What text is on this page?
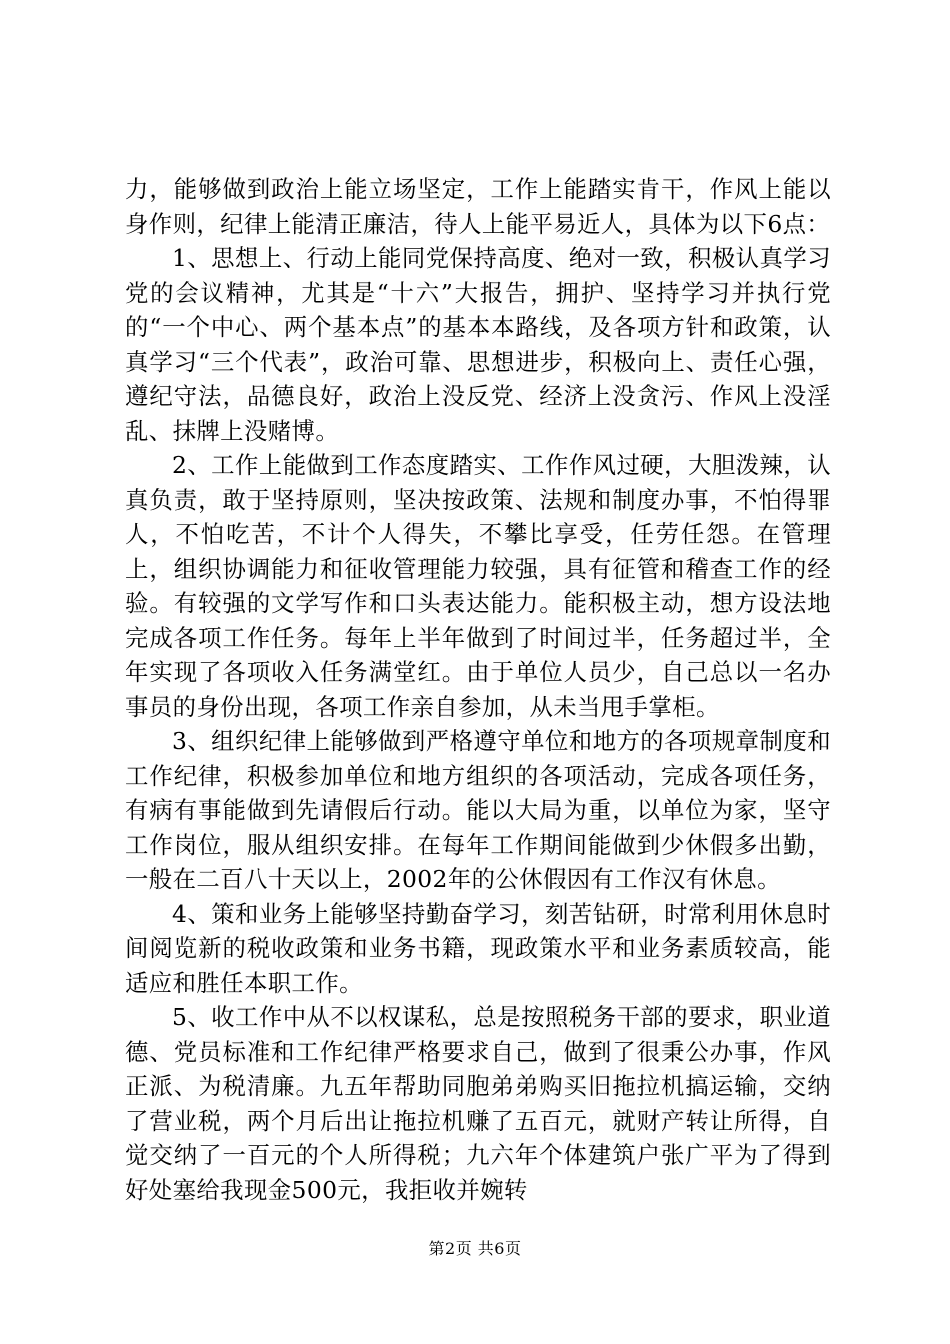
力，能够做到政治上能立场坚定，工作上能踏实肯干，作风上能以身作则，纪律上能清正廉洁，待人上能平易近人，具体为以下6点：

1、思想上、行动上能同党保持高度、绝对一致，积极认真学习党的会议精神，尤其是“十六”大报告，拥护、坚持学习并执行党的“一个中心、两个基本点”的基本本路线，及各项方针和政策，认真学习“三个代表”，政治可靠、思想进步，积极向上、责任心强，遵纪守法，品德良好，政治上没反党、经济上没贪污、作风上没淫乱、抹牌上没赌博。

2、工作上能做到工作态度踏实、工作作风过硬，大胆泼辣，认真负责，敢于坚持原则，坚决按政策、法规和制度办事，不怕得罪人，不怕吃苦，不计个人得失，不攀比享受，任劳任怨。在管理上，组织协调能力和征收管理能力较强，具有征管和稽查工作的经验。有较强的文学写作和口头表达能力。能积极主动，想方设法地完成各项工作任务。每年上半年做到了时间过半，任务超过半，全年实现了各项收入任务满堂红。由于单位人员少，自己总以一名办事员的身份出现，各项工作亲自参加，从未当甩手掌柜。

3、组织纪律上能够做到严格遵守单位和地方的各项规章制度和工作纪律，积极参加单位和地方组织的各项活动，完成各项任务，有病有事能做到先请假后行动。能以大局为重，以单位为家，坚守工作岗位，服从组织安排。在每年工作期间能做到少休假多出勤，一般在二百八十天以上，2002年的公休假因有工作汉有休息。

4、策和业务上能够坚持勤奋学习，刻苦钻研，时常利用休息时间阅览新的税收政策和业务书籍，现政策水平和业务素质较高，能适应和胜任本职工作。

5、收工作中从不以权谋私，总是按照税务干部的要求，职业道德、党员标准和工作纪律严格要求自己，做到了很秉公办事，作风正派、为税清廉。九五年帮助同胞弟弟购买旧拖拉机搞运输，交纳了营业税，两个月后出让拖拉机赚了五百元，就财产转让所得，自觉交纳了一百元的个人所得税；九六年个体建筑户张广平为了得到好处塞给我现金500元，我拒收并婉转

第2页 共6页
